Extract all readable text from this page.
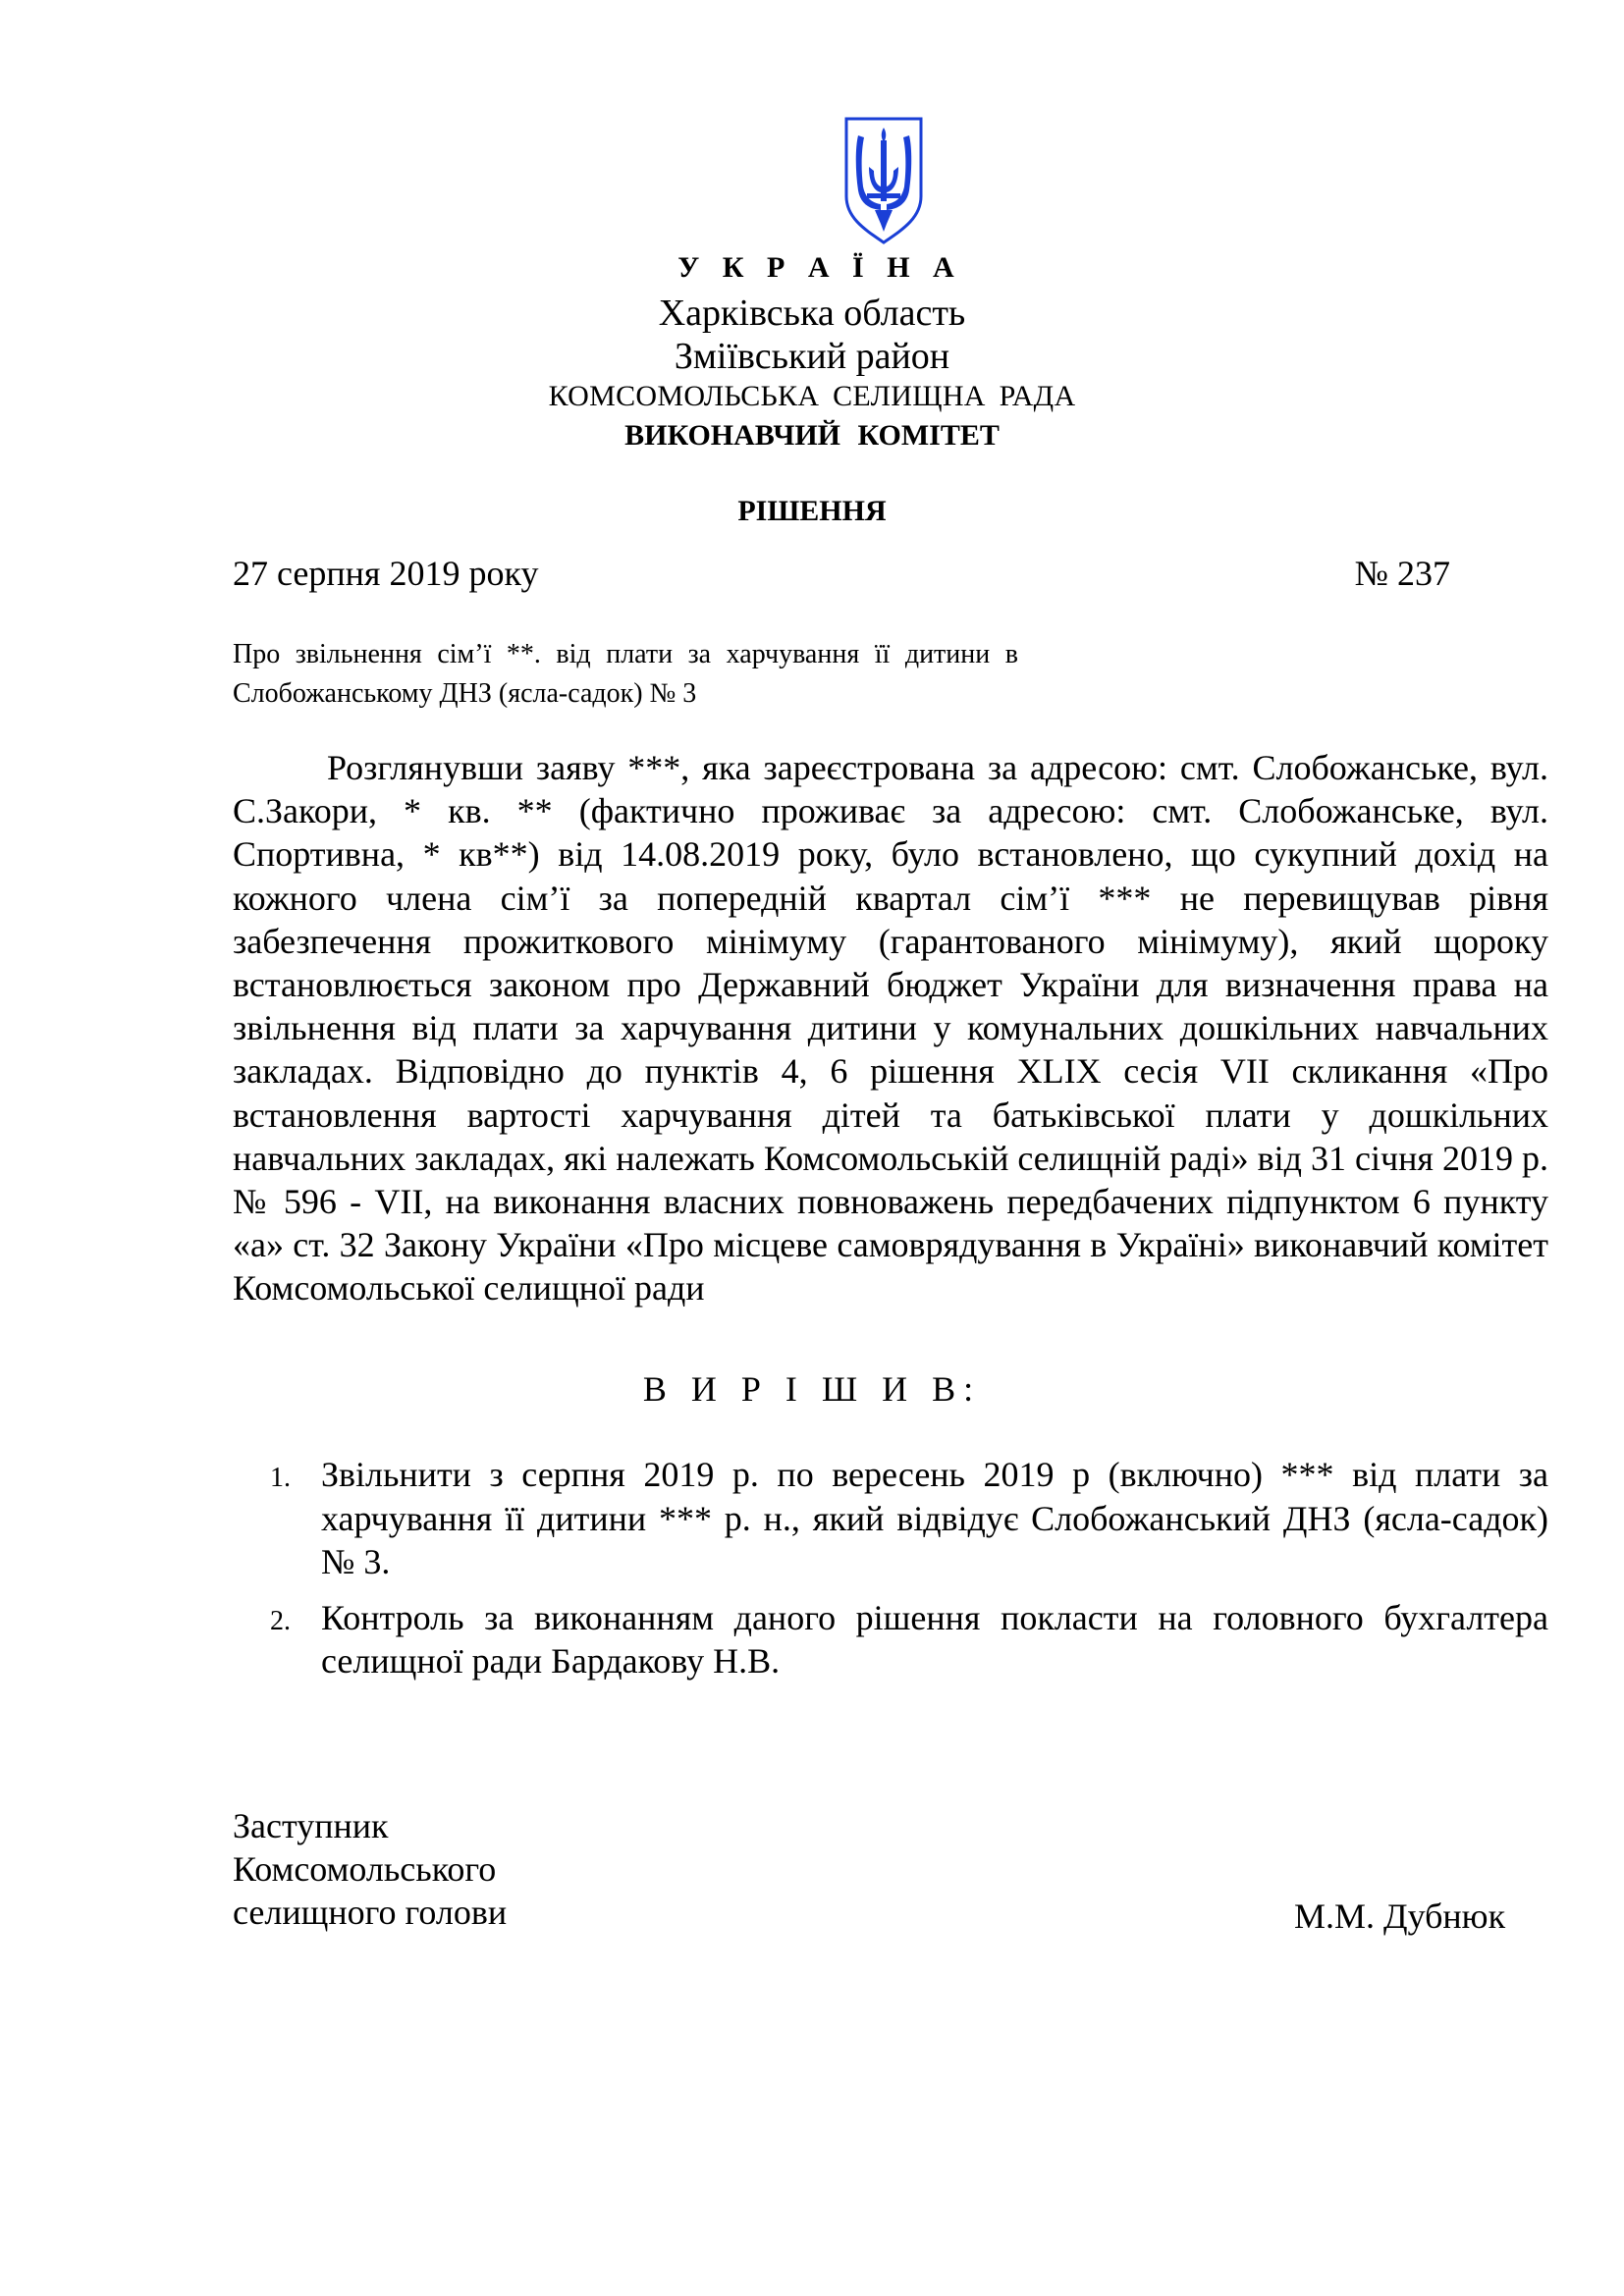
У К Р А Ї Н А
Харківська область
Зміївський район
КОМСОМОЛЬСЬКА СЕЛИЩНА РАДА
ВИКОНАВЧИЙ КОМІТЕТ
РІШЕННЯ
27 серпня 2019 року	№ 237
Про звільнення сім’ї **. від плати за харчування її дитини в Слобожанському ДНЗ (ясла-садок) № 3

Розглянувши заяву ***, яка зареєстрована за адресою: смт. Слобожанське, вул. С.Закори, * кв. ** (фактично проживає за адресою: смт. Слобожанське, вул. Спортивна, * кв**) від 14.08.2019 року, було встановлено, що сукупний дохід на кожного члена сім’ї за попередній квартал сім’ї *** не перевищував рівня забезпечення прожиткового мінімуму (гарантованого мінімуму), який щороку встановлюється законом про Державний бюджет України для визначення права на звільнення від плати за харчування дитини у комунальних дошкільних навчальних закладах. Відповідно до пунктів 4, 6 рішення XLIX сесія VII скликання «Про встановлення вартості харчування дітей та батьківської плати у дошкільних навчальних закладах, які належать Комсомольській селищній раді» від 31 січня 2019 р. № 596 - VII, на виконання власних повноважень передбачених підпунктом 6 пункту «а» ст. 32 Закону України «Про місцеве самоврядування в Україні» виконавчий комітет Комсомольської селищної ради

В И Р І Ш И В:
1. Звільнити з серпня 2019 р. по вересень 2019 р (включно) *** від плати за харчування її дитини *** р. н., який відвідує Слобожанський ДНЗ (ясла-садок) № 3.
2. Контроль за виконанням даного рішення покласти на головного бухгалтера селищної ради Бардакову Н.В.
Заступник
Комсомольського
селищного голови	М.М. Дубнюк
